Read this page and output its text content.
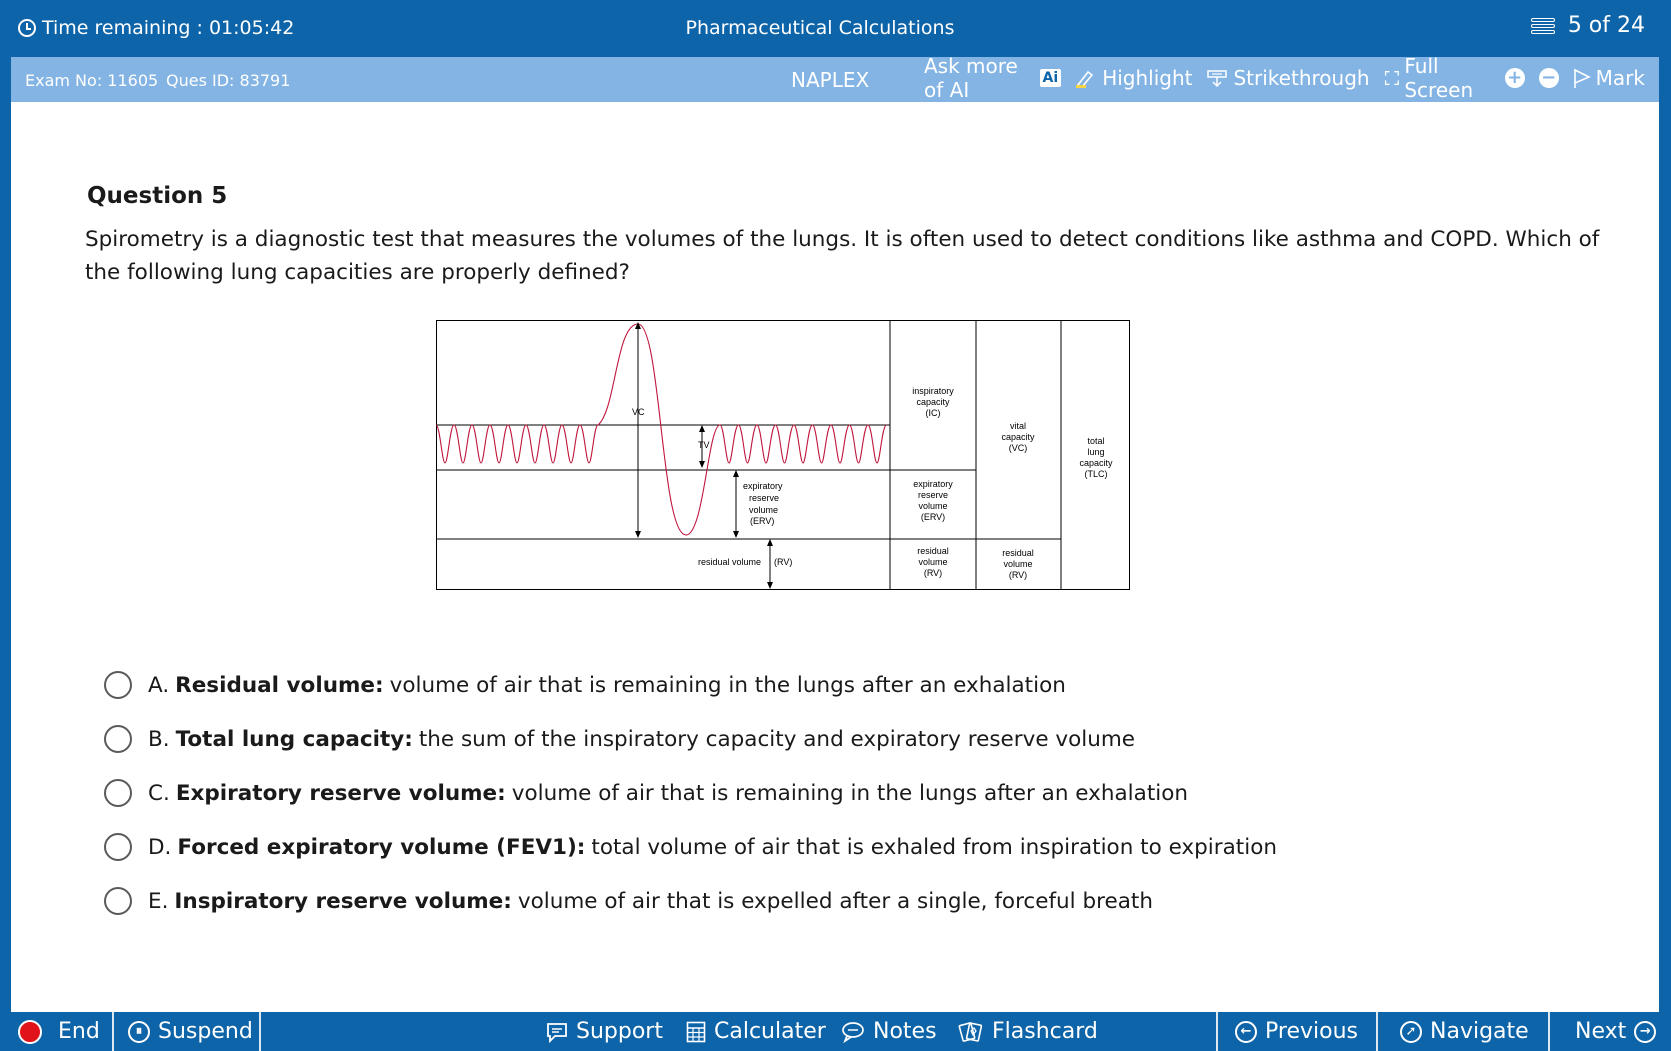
Time remaining : 01:05:42	Pharmaceutical Calculations	5 of 24
Exam No: 11605 Ques ID: 83791	NAPLEX
Ask more of AI	Ai Highlight Strikethrough Full Screen
+ − Mark
Question 5
Spirometry is a diagnostic test that measures the volumes of the lungs. It is often used to detect conditions like asthma and COPD. Which of the following lung capacities are properly defined?
VC
TV
expiratory
reserve
volume
(ERV)
residual volume (RV)
inspiratory
capacity
(IC)
expiratory
reserve
volume
(ERV)
residual
volume
(RV)
vital
capacity
(VC)
residual
volume
(RV)
total
lung
capacity
(TLC)
A. Residual volume: volume of air that is remaining in the lungs after an exhalation
B. Total lung capacity: the sum of the inspiratory capacity and expiratory reserve volume
C. Expiratory reserve volume: volume of air that is remaining in the lungs after an exhalation
D. Forced expiratory volume (FEV1): total volume of air that is exhaled from inspiration to expiration
E. Inspiratory reserve volume: volume of air that is expelled after a single, forceful breath
End	⏸ Suspend	Support Calculater Notes	Flashcard	← Previous	➚ Navigate Next	→
